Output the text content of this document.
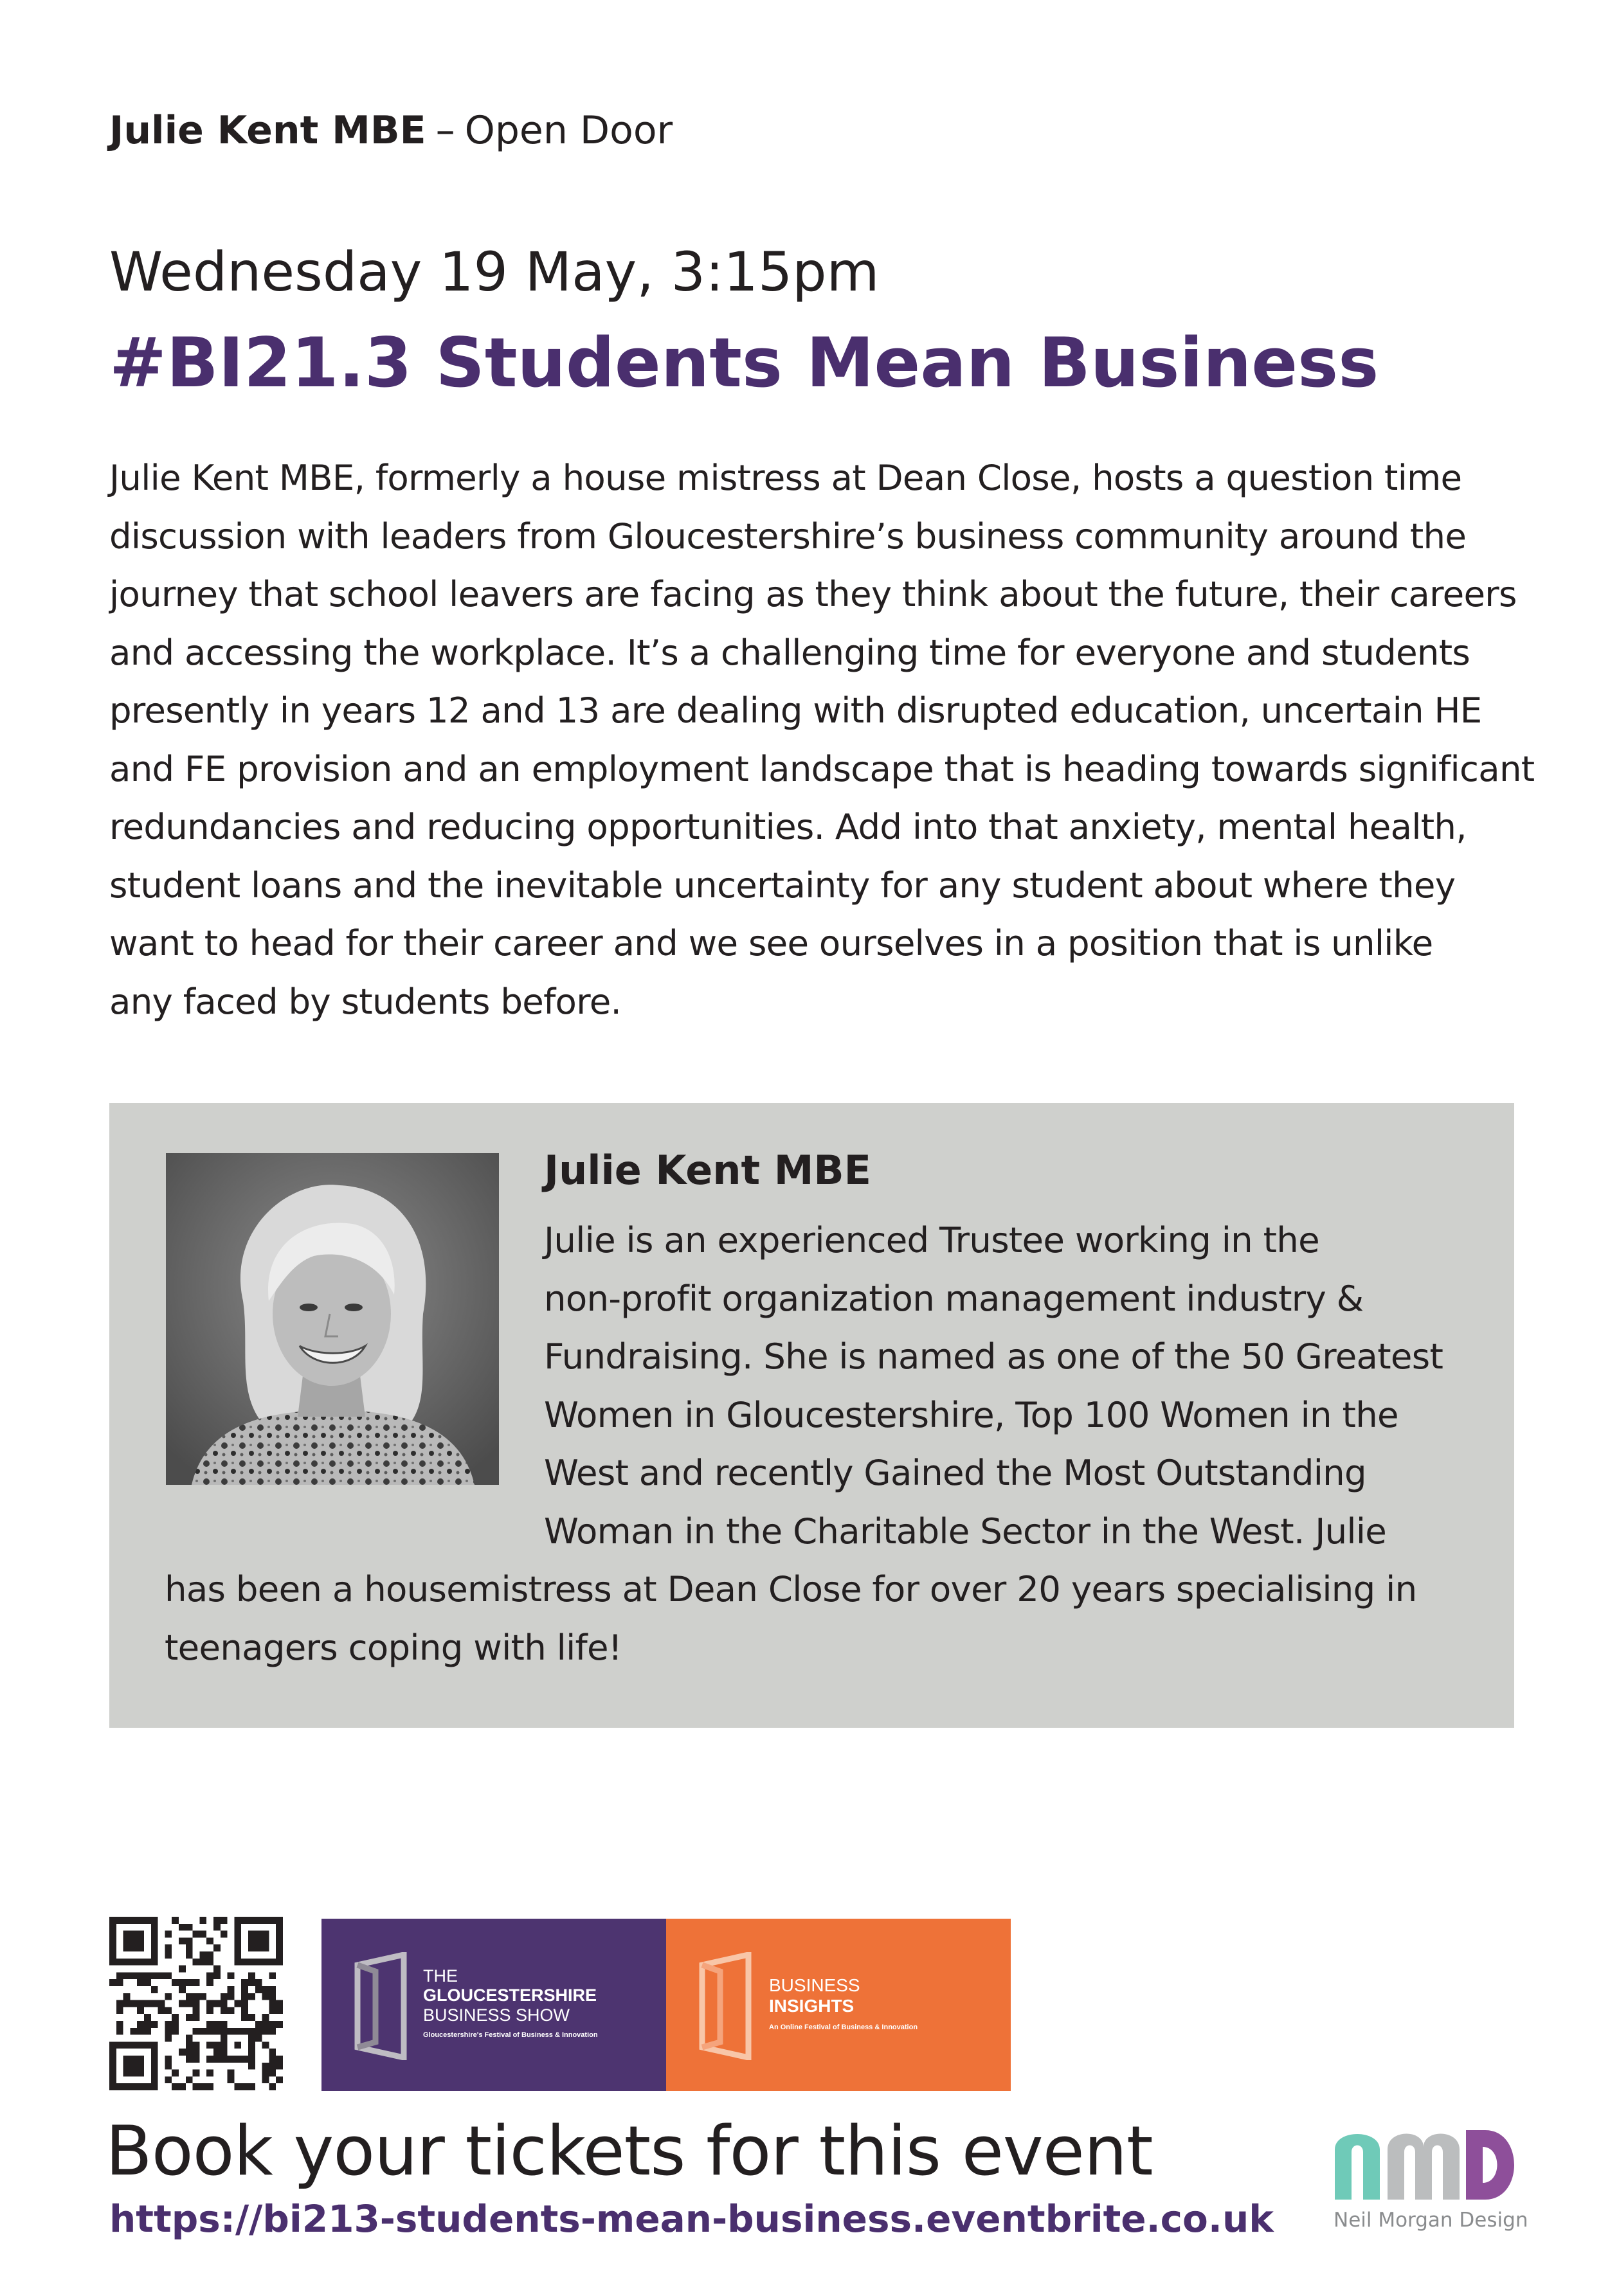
Julie Kent MBE – Open Door
Wednesday 19 May, 3:15pm
#BI21.3 Students Mean Business
Julie Kent MBE, formerly a house mistress at Dean Close, hosts a question time
discussion with leaders from Gloucestershire’s business community around the
journey that school leavers are facing as they think about the future, their careers
and accessing the workplace. It’s a challenging time for everyone and students
presently in years 12 and 13 are dealing with disrupted education, uncertain HE
and FE provision and an employment landscape that is heading towards significant
redundancies and reducing opportunities. Add into that anxiety, mental health,
student loans and the inevitable uncertainty for any student about where they
want to head for their career and we see ourselves in a position that is unlike
any faced by students before.
Julie Kent MBE
Julie is an experienced Trustee working in the
non-profit organization management industry &
Fundraising. She is named as one of the 50 Greatest
Women in Gloucestershire, Top 100 Women in the
West and recently Gained the Most Outstanding
Woman in the Charitable Sector in the West. Julie
has been a housemistress at Dean Close for over 20 years specialising in
teenagers coping with life!
THE
GLOUCESTERSHIRE
BUSINESS SHOW
Gloucestershire's Festival of Business & Innovation
BUSINESS
INSIGHTS
An Online Festival of Business & Innovation
Book your tickets for this event
https://bi213-students-mean-business.eventbrite.co.uk	Neil Morgan Design
